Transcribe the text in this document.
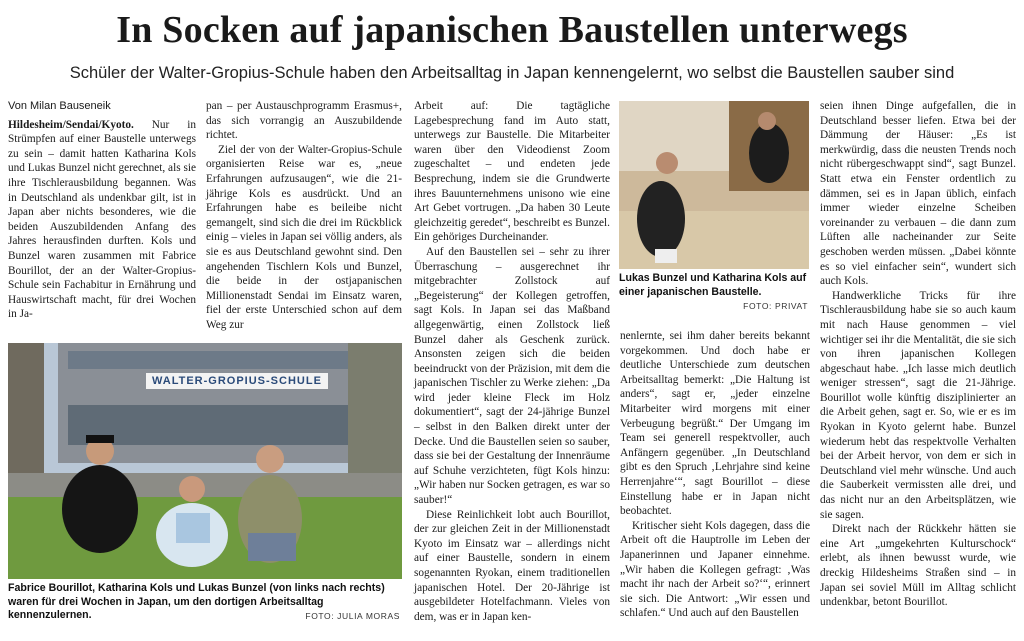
In Socken auf japanischen Baustellen unterwegs
Schüler der Walter-Gropius-Schule haben den Arbeitsalltag in Japan kennengelernt, wo selbst die Baustellen sauber sind
Von Milan Bauseneik

Hildesheim/Sendai/Kyoto. Nur in Strümpfen auf einer Baustelle unterwegs zu sein – damit hatten Katharina Kols und Lukas Bunzel nicht gerechnet, als sie ihre Tischlerausbildung begannen. Was in Deutschland als undenkbar gilt, ist in Japan aber nichts besonderes, wie die beiden Auszubildenden Anfang des Jahres herausfinden durften. Kols und Bunzel waren zusammen mit Fabrice Bourillot, der an der Walter-Gropius-Schule sein Fachabitur in Ernährung und Hauswirtschaft macht, für drei Wochen in Ja-

pan – per Austauschprogramm Erasmus+, das sich vorrangig an Auszubildende richtet.

Ziel der von der Walter-Gropius-Schule organisierten Reise war es, „neue Erfahrungen aufzusaugen“, wie die 21-jährige Kols es ausdrückt. Und an Erfahrungen habe es beileibe nicht gemangelt, sind sich die drei im Rückblick einig – vieles in Japan sei völlig anders, als sie es aus Deutschland gewohnt sind. Den angehenden Tischlern Kols und Bunzel, die beide in der ostjapanischen Millionenstadt Sendai im Einsatz waren, fiel der erste Unterschied schon auf dem Weg zur

WALTER-GROPIUS-SCHULE
Fabrice Bourillot, Katharina Kols und Lukas Bunzel (von links nach rechts) waren für drei Wochen in Japan, um den dortigen Arbeitsalltag kennenzulernen.	FOTO: JULIA MORAS

Arbeit auf: Die tagtägliche Lagebesprechung fand im Auto statt, unterwegs zur Baustelle. Die Mitarbeiter waren über den Videodienst Zoom zugeschaltet – und endeten jede Besprechung, indem sie die Grundwerte ihres Bauunternehmens unisono wie eine Art Gebet vortrugen. „Da haben 30 Leute gleichzeitig geredet“, beschreibt es Bunzel. Ein gehöriges Durcheinander.

Auf den Baustellen sei – sehr zu ihrer Überraschung – ausgerechnet ihr mitgebrachter Zollstock auf „Begeisterung“ der Kollegen getroffen, sagt Kols. In Japan sei das Maßband allgegenwärtig, einen Zollstock ließ Bunzel daher als Geschenk zurück. Ansonsten zeigen sich die beiden beeindruckt von der Präzision, mit dem die japanischen Tischler zu Werke ziehen: „Da wird jeder kleine Fleck im Holz dokumentiert“, sagt der 24-jährige Bunzel – selbst in den Balken direkt unter der Decke. Und die Baustellen seien so sauber, dass sie bei der Gestaltung der Innenräume auf Schuhe verzichteten, fügt Kols hinzu: „Wir haben nur Socken getragen, es war so sauber!“

Diese Reinlichkeit lobt auch Bourillot, der zur gleichen Zeit in der Millionenstadt Kyoto im Einsatz war – allerdings nicht auf einer Baustelle, sondern in einem sogenannten Ryokan, einem traditionellen japanischen Hotel. Der 20-Jährige ist ausgebildeter Hotelfachmann. Vieles von dem, was er in Japan ken-

Lukas Bunzel und Katharina Kols auf einer japanischen Baustelle.
FOTO: PRIVAT

nenlernte, sei ihm daher bereits bekannt vorgekommen. Und doch habe er deutliche Unterschiede zum deutschen Arbeitsalltag bemerkt: „Die Haltung ist anders“, sagt er, „jeder einzelne Mitarbeiter wird morgens mit einer Verbeugung begrüßt.“ Der Umgang im Team sei generell respektvoller, auch Anfängern gegenüber. „In Deutschland gibt es den Spruch ‚Lehrjahre sind keine Herrenjahre‘“, sagt Bourillot – diese Einstellung habe er in Japan nicht beobachtet.

Kritischer sieht Kols dagegen, dass die Arbeit oft die Hauptrolle im Leben der Japanerinnen und Japaner einnehme. „Wir haben die Kollegen gefragt: ‚Was macht ihr nach der Arbeit so?‘“, erinnert sie sich. Die Antwort: „Wir essen und schlafen.“ Und auch auf den Baustellen

seien ihnen Dinge aufgefallen, die in Deutschland besser liefen. Etwa bei der Dämmung der Häuser: „Es ist merkwürdig, dass die neusten Trends noch nicht rübergeschwappt sind“, sagt Bunzel. Statt etwa ein Fenster ordentlich zu dämmen, sei es in Japan üblich, einfach immer wieder einzelne Scheiben voreinander zu verbauen – die dann zum Lüften alle nacheinander zur Seite geschoben werden müssen. „Dabei könnte es so viel einfacher sein“, wundert sich auch Kols.

Handwerkliche Tricks für ihre Tischlerausbildung habe sie so auch kaum mit nach Hause genommen – viel wichtiger sei ihr die Mentalität, die sie sich von ihren japanischen Kollegen abgeschaut habe. „Ich lasse mich deutlich weniger stressen“, sagt die 21-Jährige. Bourillot wolle künftig disziplinierter an die Arbeit gehen, sagt er. So, wie er es im Ryokan in Kyoto gelernt habe. Bunzel wiederum hebt das respektvolle Verhalten bei der Arbeit hervor, von dem er sich in Deutschland viel mehr wünsche. Und auch die Sauberkeit vermissten alle drei, und das nicht nur an den Arbeitsplätzen, wie sie sagen.

Direkt nach der Rückkehr hätten sie eine Art „umgekehrten Kulturschock“ erlebt, als ihnen bewusst wurde, wie dreckig Hildesheims Straßen sind – in Japan sei soviel Müll im Alltag schlicht undenkbar, betont Bourillot.
